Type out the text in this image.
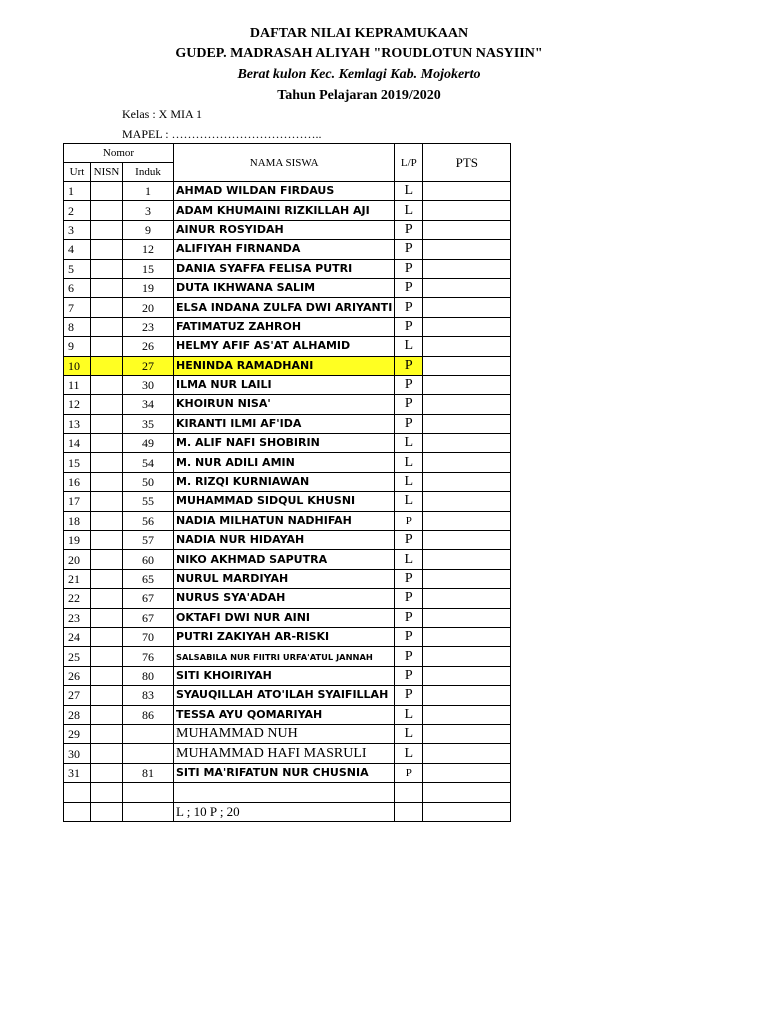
DAFTAR NILAI KEPRAMUKAAN
GUDEP. MADRASAH ALIYAH "ROUDLOTUN NASYIIN"
Berat kulon Kec. Kemlagi Kab. Mojokerto
Tahun Pelajaran 2019/2020
Kelas : X MIA 1
MAPEL : ………………………………..
Nomor			NAMA SISWA	L/P	PTS
Urt	NISN	Induk			
1		1	AHMAD WILDAN FIRDAUS	L	
2		3	ADAM KHUMAINI RIZKILLAH AJI	L	
3		9	AINUR ROSYIDAH	P	
4		12	ALIFIYAH FIRNANDA	P	
5		15	DANIA SYAFFA FELISA PUTRI	P	
6		19	DUTA IKHWANA SALIM	P	
7		20	ELSA INDANA ZULFA DWI ARIYANTI	P	
8		23	FATIMATUZ ZAHROH	P	
9		26	HELMY AFIF AS'AT ALHAMID	L	
10		27	HENINDA RAMADHANI	P	
11		30	ILMA NUR LAILI	P	
12		34	KHOIRUN NISA'	P	
13		35	KIRANTI ILMI AF'IDA	P	
14		49	M. ALIF NAFI SHOBIRIN	L	
15		54	M. NUR ADILI AMIN	L	
16		50	M. RIZQI KURNIAWAN	L	
17		55	MUHAMMAD SIDQUL KHUSNI	L	
18		56	NADIA MILHATUN NADHIFAH	P	
19		57	NADIA NUR HIDAYAH	P	
20		60	NIKO AKHMAD SAPUTRA	L	
21		65	NURUL MARDIYAH	P	
22		67	NURUS SYA'ADAH	P	
23		67	OKTAFI DWI NUR AINI	P	
24		70	PUTRI ZAKIYAH AR-RISKI	P	
25		76	SALSABILA NUR FIITRI URFA'ATUL JANNAH	P	
26		80	SITI KHOIRIYAH	P	
27		83	SYAUQILLAH ATO'ILAH SYAIFILLAH	P	
28		86	TESSA AYU QOMARIYAH	L	
29			MUHAMMAD NUH	L	
30			MUHAMMAD HAFI MASRULI	L	
31		81	SITI MA'RIFATUN NUR CHUSNIA	P	

			L ; 10 P ; 20		
